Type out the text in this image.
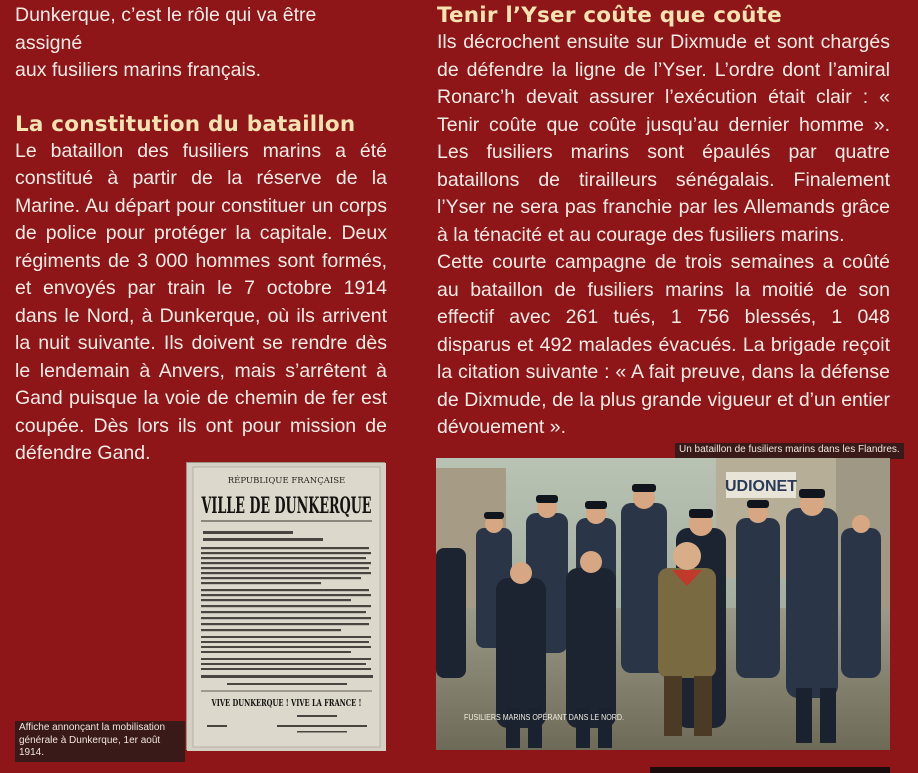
Dunkerque, c’est le rôle qui va être assigné

aux fusiliers marins français.

La constitution du bataillon

Le bataillon des fusiliers marins a été constitué à partir de la réserve de la Marine. Au départ pour constituer un corps de police pour protéger la capitale. Deux régiments de 3 000 hommes sont formés, et envoyés par train le 7 octobre 1914 dans le Nord, à Dunkerque, où ils arrivent la nuit suivante. Ils doivent se rendre dès le lendemain à Anvers, mais s’arrêtent à Gand puisque la voie de chemin de fer est coupée. Dès lors ils ont pour mission de défendre Gand.

Tenir l’Yser coûte que coûte

Ils décrochent ensuite sur Dixmude et sont chargés de défendre la ligne de l’Yser. L’ordre dont l’amiral Ronarc’h devait assurer l’exécution était clair : « Tenir coûte que coûte jusqu’au dernier homme ». Les fusiliers marins sont épaulés par quatre bataillons de tirailleurs sénégalais. Finalement l’Yser ne sera pas franchie par les Allemands grâce à la ténacité et au courage des fusiliers marins.

Cette courte campagne de trois semaines a coûté au bataillon de fusiliers marins la moitié de son effectif avec 261 tués, 1 756 blessés, 1 048 disparus et 492 malades évacués. La brigade reçoit la citation suivante : « A fait preuve, dans la défense de Dixmude, de la plus grande vigueur et d’un entier dévouement ».

RÉPUBLIQUE FRANÇAISE
VILLE DE DUNKERQUE
VIVE DUNKERQUE ! VIVE LA FRANCE !
Affiche annonçant la mobilisation
générale à Dunkerque, 1er août 1914.
Un bataillon de fusiliers marins dans les Flandres.
UDIONET
FUSILIERS MARINS OPÉRANT DANS LE NORD.
